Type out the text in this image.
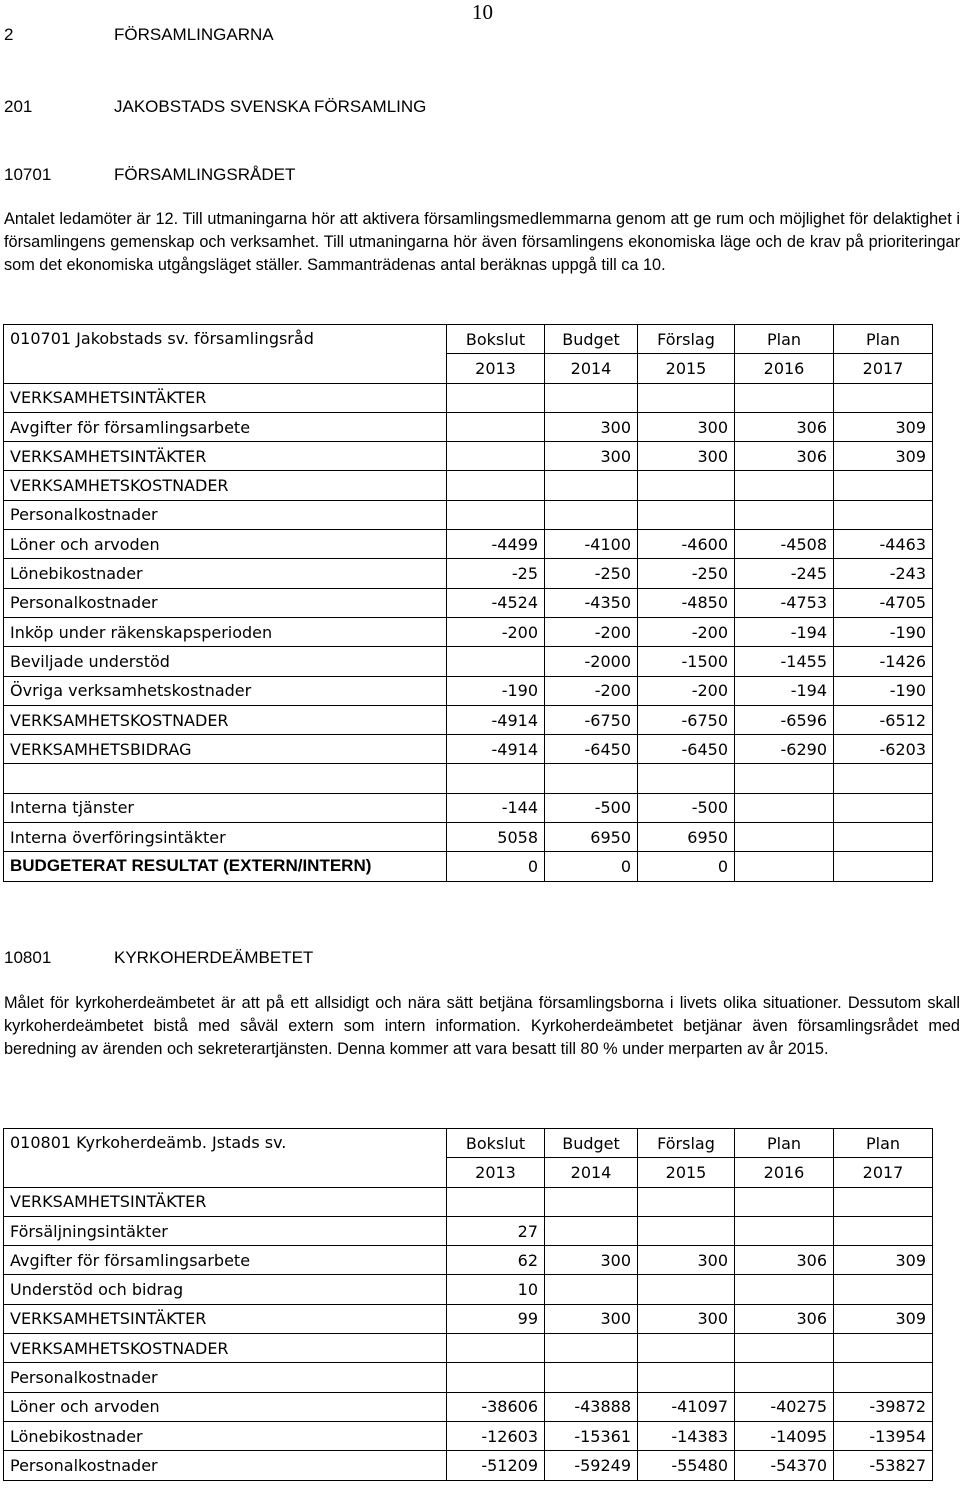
10
2	FÖRSAMLINGARNA
201	JAKOBSTADS SVENSKA FÖRSAMLING
10701	FÖRSAMLINGSRÅDET
Antalet ledamöter är 12. Till utmaningarna hör att aktivera församlingsmedlemmarna genom att ge rum och möjlighet för delaktighet i församlingens gemenskap och verksamhet. Till utmaningarna hör även församlingens ekonomiska läge och de krav på prioriteringar som det ekonomiska utgångsläget ställer. Sammanträdenas antal beräknas uppgå till ca 10.
010701 Jakobstads sv. församlingsråd	Bokslut	Budget	Förslag	Plan	Plan
	2013	2014	2015	2016	2017
VERKSAMHETSINTÄKTER					
Avgifter för församlingsarbete		300	300	306	309
VERKSAMHETSINTÄKTER		300	300	306	309
VERKSAMHETSKOSTNADER					
Personalkostnader					
Löner och arvoden	-4499	-4100	-4600	-4508	-4463
Lönebikostnader	-25	-250	-250	-245	-243
Personalkostnader	-4524	-4350	-4850	-4753	-4705
Inköp under räkenskapsperioden	-200	-200	-200	-194	-190
Beviljade understöd		-2000	-1500	-1455	-1426
Övriga verksamhetskostnader	-190	-200	-200	-194	-190
VERKSAMHETSKOSTNADER	-4914	-6750	-6750	-6596	-6512
VERKSAMHETSBIDRAG	-4914	-6450	-6450	-6290	-6203

Interna tjänster	-144	-500	-500		
Interna överföringsintäkter	5058	6950	6950		
BUDGETERAT RESULTAT (EXTERN/INTERN)	0	0	0		
10801	KYRKOHERDEÄMBETET
Målet för kyrkoherdeämbetet är att på ett allsidigt och nära sätt betjäna församlingsborna i livets olika situationer. Dessutom skall kyrkoherdeämbetet bistå med såväl extern som intern information. Kyrkoherdeämbetet betjänar även församlingsrådet med beredning av ärenden och sekreterartjänsten. Denna kommer att vara besatt till 80 % under merparten av år 2015.
010801 Kyrkoherdeämb. Jstads sv.	Bokslut	Budget	Förslag	Plan	Plan
	2013	2014	2015	2016	2017
VERKSAMHETSINTÄKTER					
Försäljningsintäkter	27				
Avgifter för församlingsarbete	62	300	300	306	309
Understöd och bidrag	10				
VERKSAMHETSINTÄKTER	99	300	300	306	309
VERKSAMHETSKOSTNADER					
Personalkostnader					
Löner och arvoden	-38606	-43888	-41097	-40275	-39872
Lönebikostnader	-12603	-15361	-14383	-14095	-13954
Personalkostnader	-51209	-59249	-55480	-54370	-53827
